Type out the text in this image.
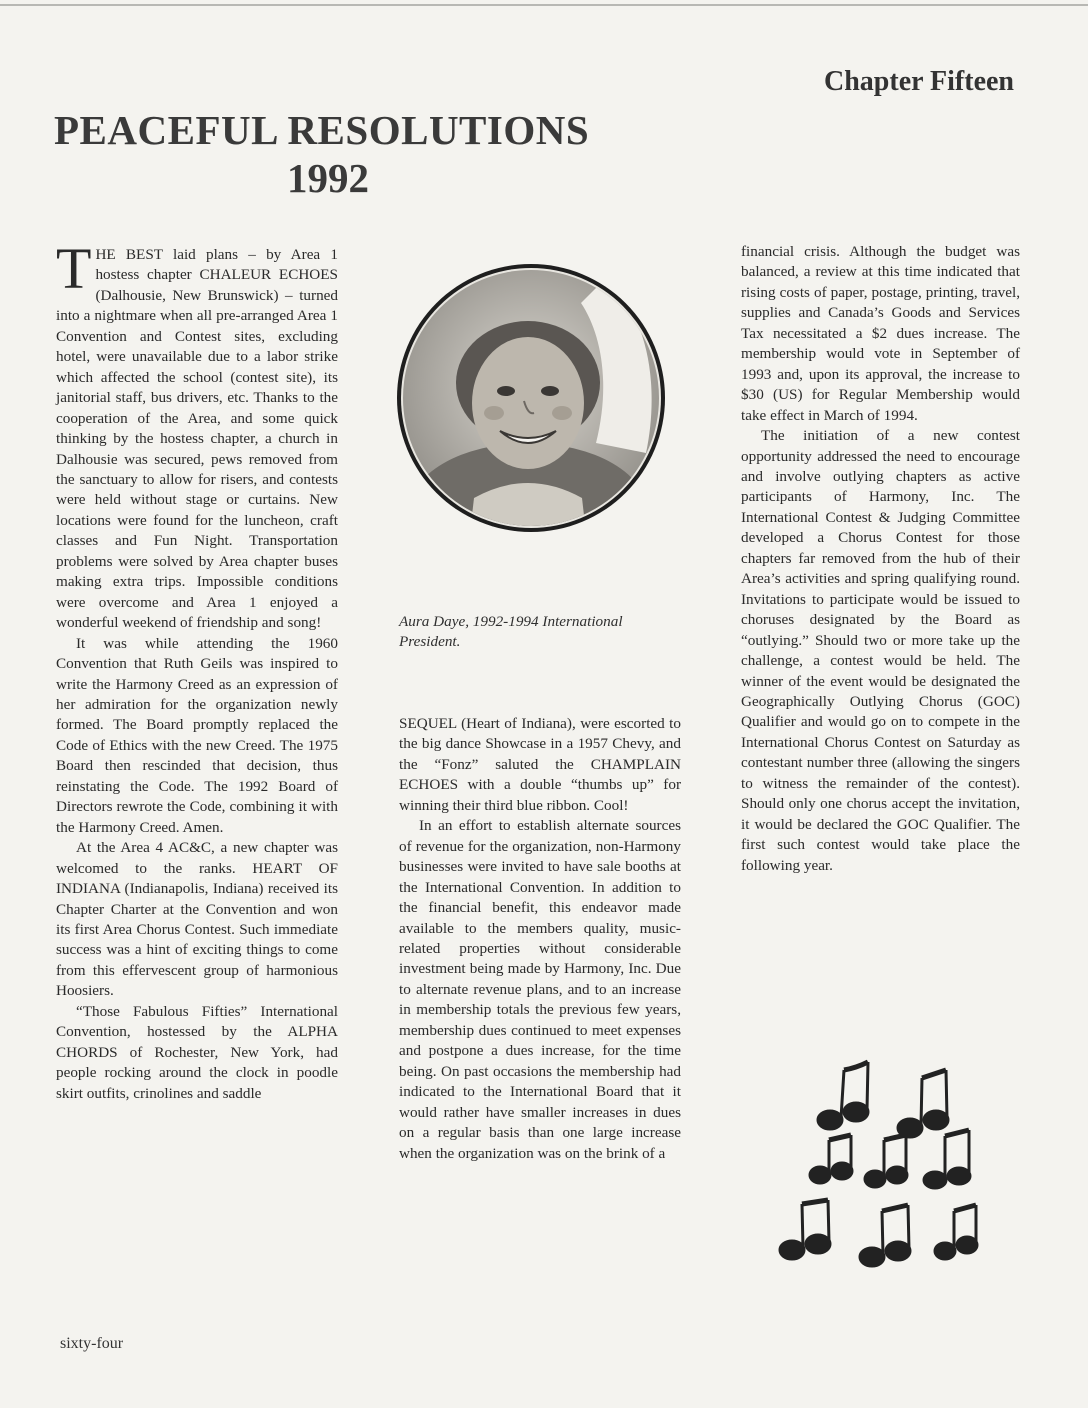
Chapter Fifteen
PEACEFUL RESOLUTIONS
1992

THE BEST laid plans – by Area 1 hostess chapter CHALEUR ECHOES (Dalhousie, New Brunswick) – turned into a nightmare when all pre-arranged Area 1 Convention and Contest sites, excluding hotel, were unavailable due to a labor strike which affected the school (contest site), its janitorial staff, bus drivers, etc. Thanks to the cooperation of the Area, and some quick thinking by the hostess chapter, a church in Dalhousie was secured, pews removed from the sanctuary to allow for risers, and contests were held without stage or curtains. New locations were found for the luncheon, craft classes and Fun Night. Transportation problems were solved by Area chapter buses making extra trips. Impossible conditions were overcome and Area 1 enjoyed a wonderful weekend of friendship and song!

It was while attending the 1960 Convention that Ruth Geils was inspired to write the Harmony Creed as an expression of her admiration for the organization newly formed. The Board promptly replaced the Code of Ethics with the new Creed. The 1975 Board then rescinded that decision, thus reinstating the Code. The 1992 Board of Directors rewrote the Code, combining it with the Harmony Creed. Amen.

At the Area 4 AC&C, a new chapter was welcomed to the ranks. HEART OF INDIANA (Indianapolis, Indiana) received its Chapter Charter at the Convention and won its first Area Chorus Contest. Such immediate success was a hint of exciting things to come from this effervescent group of harmonious Hoosiers.

“Those Fabulous Fifties” International Convention, hostessed by the ALPHA CHORDS of Rochester, New York, had people rocking around the clock in poodle skirt outfits, crinolines and saddle

Aura Daye, 1992-1994 International President.

SEQUEL (Heart of Indiana), were escorted to the big dance Showcase in a 1957 Chevy, and the “Fonz” saluted the CHAMPLAIN ECHOES with a double “thumbs up” for winning their third blue ribbon. Cool!

In an effort to establish alternate sources of revenue for the organization, non-Harmony businesses were invited to have sale booths at the International Convention. In addition to the financial benefit, this endeavor made available to the members quality, music-related properties without considerable investment being made by Harmony, Inc. Due to alternate revenue plans, and to an increase in membership totals the previous few years, membership dues continued to meet expenses and postpone a dues increase, for the time being. On past occasions the membership had indicated to the International Board that it would rather have smaller increases in dues on a regular basis than one large increase when the organization was on the brink of a

financial crisis. Although the budget was balanced, a review at this time indicated that rising costs of paper, postage, printing, travel, supplies and Canada’s Goods and Services Tax necessitated a $2 dues increase. The membership would vote in September of 1993 and, upon its approval, the increase to $30 (US) for Regular Membership would take effect in March of 1994.

The initiation of a new contest opportunity addressed the need to encourage and involve outlying chapters as active participants of Harmony, Inc. The International Contest & Judging Committee developed a Chorus Contest for those chapters far removed from the hub of their Area’s activities and spring qualifying round. Invitations to participate would be issued to choruses designated by the Board as “outlying.” Should two or more take up the challenge, a contest would be held. The winner of the event would be designated the Geographically Outlying Chorus (GOC) Qualifier and would go on to compete in the International Chorus Contest on Saturday as contestant number three (allowing the singers to witness the remainder of the contest). Should only one chorus accept the invitation, it would be declared the GOC Qualifier. The first such contest would take place the following year.

sixty-four
